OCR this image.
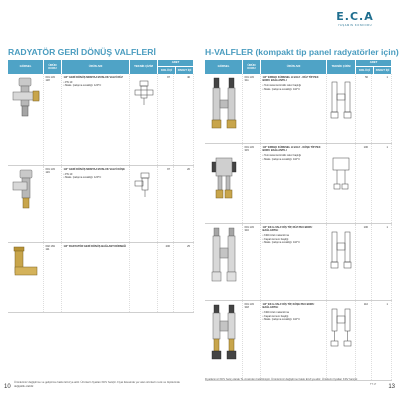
E.C.A
YAŞAMIN KONFORU
RADYATÖR GERİ DÖNÜŞ VALFLERİ	H-VALFLER (kompakt tip panel radyatörler için)
GÖRSEL	ÜRÜN KODU	ÜRÜN ADI	TEKNİK ÇİZİM
ADET
KOLİ İÇİ	PAKET İÇİ
601 133 118
1/2" GERİ DÖNÜŞ MONTAJ MUSLUK VALFİ DÜZ
• PN 10
• Maks. Çalışma sıcaklığı: 120°C
97	40
601 133 119
1/2" GERİ DÖNÜŞ MONTAJ MUSLUK VALFİ KÖŞE
• PN 10
• Maks. Çalışma sıcaklığı: 120°C
97	20
602 169 111
1/2" RADYATÖR GERİ DÖNÜŞ BAĞLANTI DİRSEĞİ	200	25
GÖRSEL	ÜRÜN KODU	ÜRÜN ADI	TEKNİK ÇİZİM
ADET
KOLİ İÇİ	PAKET İÇİ
601 133 311
1/2" ERKEK KÜRESEL H-VALF - DÜZ TİP PEX BORU BAĞLANTILI
• Termostat kontrollü rekor başlığı
• Maks. Çalışma sıcaklığı: 110°C
50	1
601 133 315
1/2" ERKEK KÜRESEL H-VALF - KÖŞE TİP PEX BORU BAĞLANTILI
• Termostat kontrollü rekor başlığı
• Maks. Çalışma sıcaklığı: 110°C
100	1
601 133 316
1/2" EK H-VALF DİŞ TİP, DÜZ PEX BORU BAĞLANTILI
• Kilitli özel mekanizma
• Kapalı konum başlığı
• Maks. Çalışma sıcaklığı: 110°C
100	1
601 133 318
1/2" EK H-VALF DİŞ TİP, KÖŞE PEX BORU BAĞLANTILI
• Kilitli özel mekanizma
• Kapalı konum başlığı
• Maks. Çalışma sıcaklığı: 110°C
110	1
10
Ürünlerimiz değiştirme ve geliştirme hakkı ECA'ya aittir. Ürünlerin fiyatları KDV hariçtir. Fiyat listesinde yer alan ürünlerin renk ve ölçülerinde değişiklik olabilir.
Fiyatlarımız KDV hariç olarak TL cinsinden belirtilmiştir. Ürünlerimiz değiştirme hakkı ECA'ya aittir. Ürünlerin fiyatları KDV hariçtir.
TT 17 13
